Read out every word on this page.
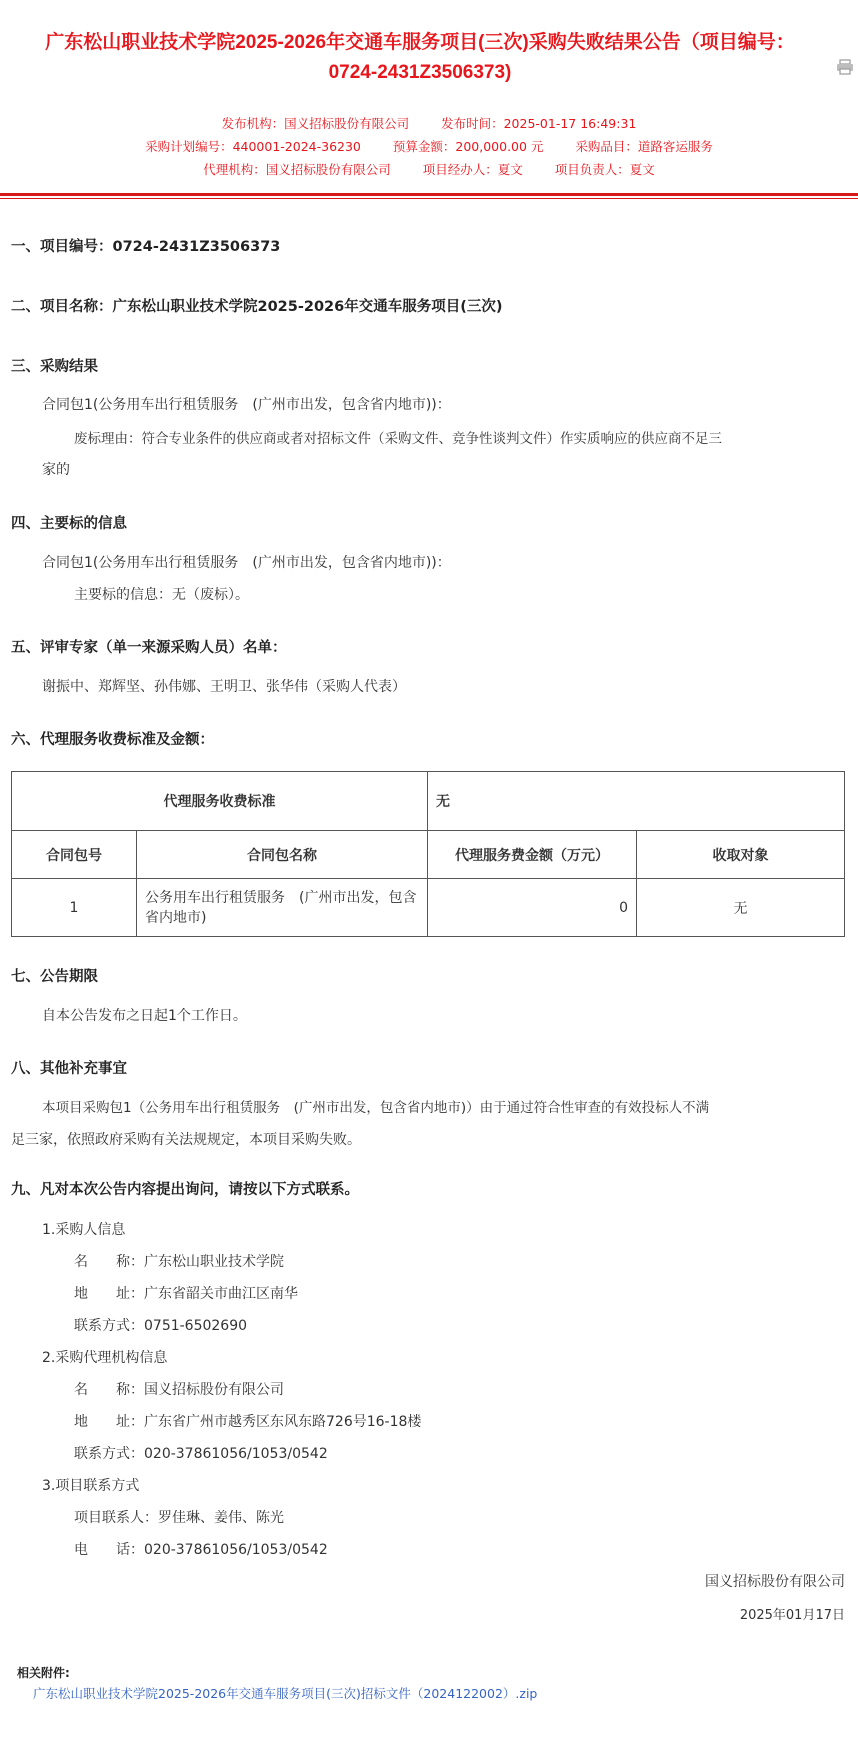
广东松山职业技术学院2025-2026年交通车服务项目(三次)采购失败结果公告（项目编号：
0724-2431Z3506373)
发布机构：国义招标股份有限公司	发布时间：2025-01-17 16:49:31
采购计划编号：440001-2024-36230	预算金额：200,000.00 元	采购品目：道路客运服务
代理机构：国义招标股份有限公司	项目经办人：夏文	项目负责人：夏文
一、项目编号：0724-2431Z3506373
二、项目名称：广东松山职业技术学院2025-2026年交通车服务项目(三次)
三、采购结果
合同包1(公务用车出行租赁服务　(广州市出发，包含省内地市))：
废标理由：符合专业条件的供应商或者对招标文件（采购文件、竞争性谈判文件）作实质响应的供应商不足三
家的
四、主要标的信息
合同包1(公务用车出行租赁服务　(广州市出发，包含省内地市))：
主要标的信息：无（废标）。
五、评审专家（单一来源采购人员）名单：
谢振中、郑辉坚、孙伟娜、王明卫、张华伟（采购人代表）
六、代理服务收费标准及金额：
代理服务收费标准		无	
合同包号	合同包名称	代理服务费金额（万元）	收取对象
1	公务用车出行租赁服务　(广州市出发，包含省内地市)	0	无
七、公告期限
自本公告发布之日起1个工作日。
八、其他补充事宜
本项目采购包1（公务用车出行租赁服务　(广州市出发，包含省内地市)）由于通过符合性审查的有效投标人不满
足三家，依照政府采购有关法规规定，本项目采购失败。
九、凡对本次公告内容提出询问，请按以下方式联系。
1.采购人信息
名　　称：广东松山职业技术学院
地　　址：广东省韶关市曲江区南华
联系方式：0751-6502690
2.采购代理机构信息
名　　称：国义招标股份有限公司
地　　址：广东省广州市越秀区东风东路726号16-18楼
联系方式：020-37861056/1053/0542
3.项目联系方式
项目联系人：罗佳琳、姜伟、陈光
电　　话：020-37861056/1053/0542
国义招标股份有限公司
2025年01月17日
相关附件:
广东松山职业技术学院2025-2026年交通车服务项目(三次)招标文件（2024122002）.zip
